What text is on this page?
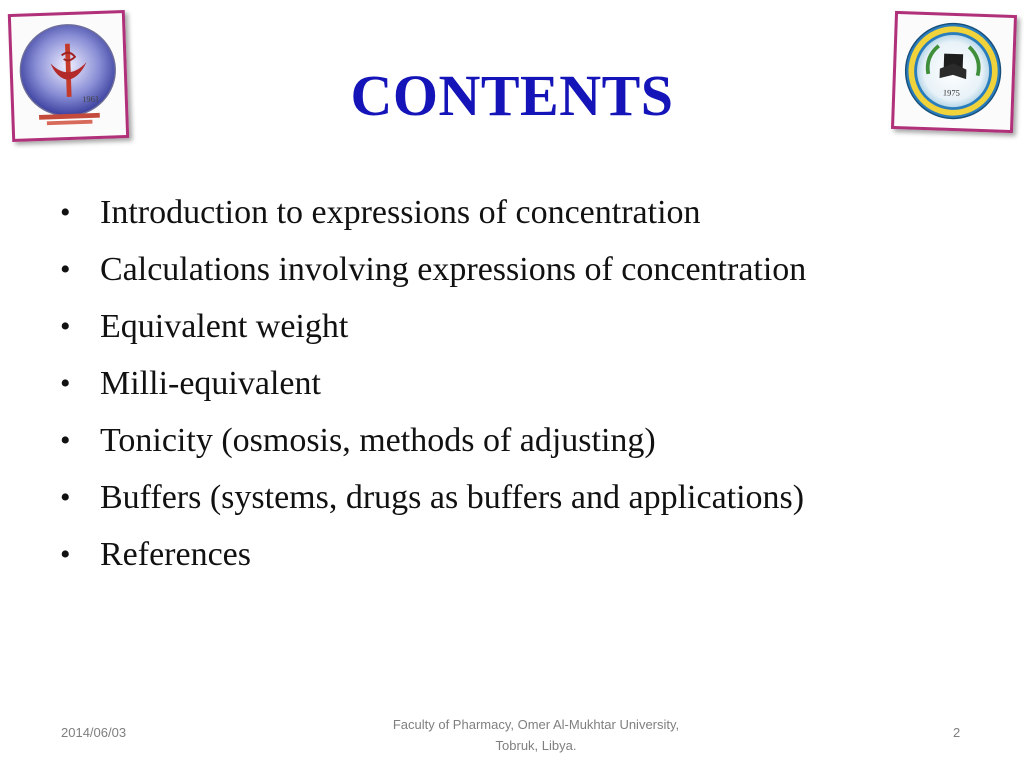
1961
1975
CONTENTS
• Introduction to expressions of concentration
• Calculations involving expressions of concentration
• Equivalent weight
• Milli-equivalent
• Tonicity (osmosis, methods of adjusting)
• Buffers (systems, drugs as buffers and applications)
• References
2014/06/03
Faculty of Pharmacy, Omer Al-Mukhtar University,
Tobruk, Libya.
2
